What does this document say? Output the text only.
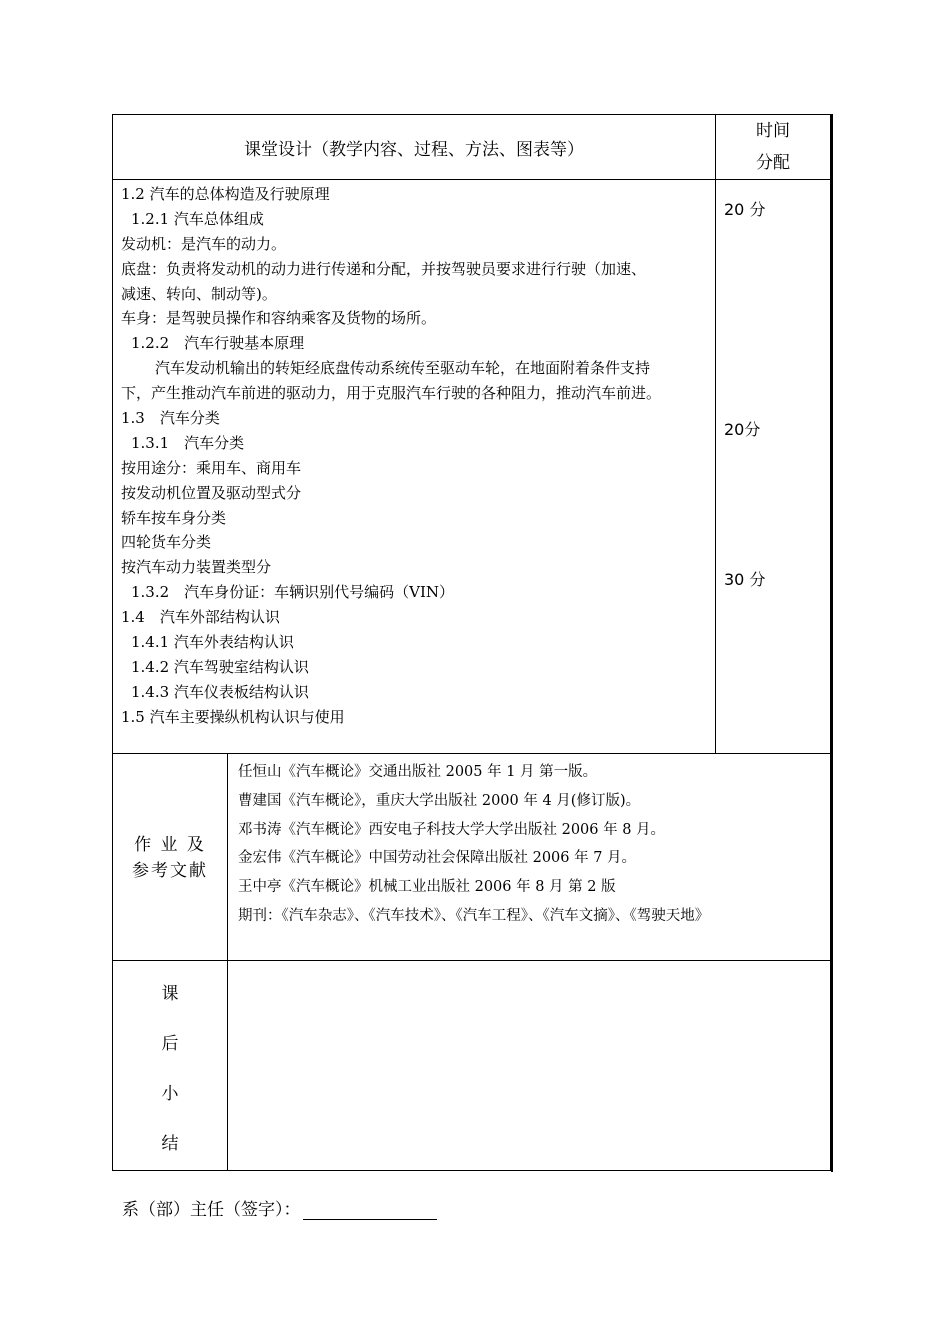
课堂设计（教学内容、过程、方法、图表等）
时间
分配
1.2 汽车的总体构造及行驶原理
1.2.1 汽车总体组成
发动机：是汽车的动力。
底盘：负责将发动机的动力进行传递和分配，并按驾驶员要求进行行驶（加速、
减速、转向、制动等)。
车身：是驾驶员操作和容纳乘客及货物的场所。
1.2.2　汽车行驶基本原理
汽车发动机输出的转矩经底盘传动系统传至驱动车轮，在地面附着条件支持
下，产生推动汽车前进的驱动力，用于克服汽车行驶的各种阻力，推动汽车前进。
1.3　汽车分类
1.3.1　汽车分类
按用途分：乘用车、商用车
按发动机位置及驱动型式分
轿车按车身分类
四轮货车分类
按汽车动力装置类型分
1.3.2　汽车身份证：车辆识别代号编码（VIN）
1.4　汽车外部结构认识
1.4.1 汽车外表结构认识
1.4.2 汽车驾驶室结构认识
1.4.3 汽车仪表板结构认识
1.5 汽车主要操纵机构认识与使用
20 分
20分
30 分
作 业 及
参考文献
任恒山《汽车概论》交通出版社 2005 年 1 月 第一版。
曹建国《汽车概论》，重庆大学出版社 2000 年 4 月(修订版)。
邓书涛《汽车概论》西安电子科技大学大学出版社 2006 年 8 月。
金宏伟《汽车概论》中国劳动社会保障出版社 2006 年 7 月。
王中亭《汽车概论》机械工业出版社 2006 年 8 月 第 2 版
期刊：《汽车杂志》、《汽车技术》、《汽车工程》、《汽车文摘》、《驾驶天地》
课
后
小
结
系（部）主任（签字）：
